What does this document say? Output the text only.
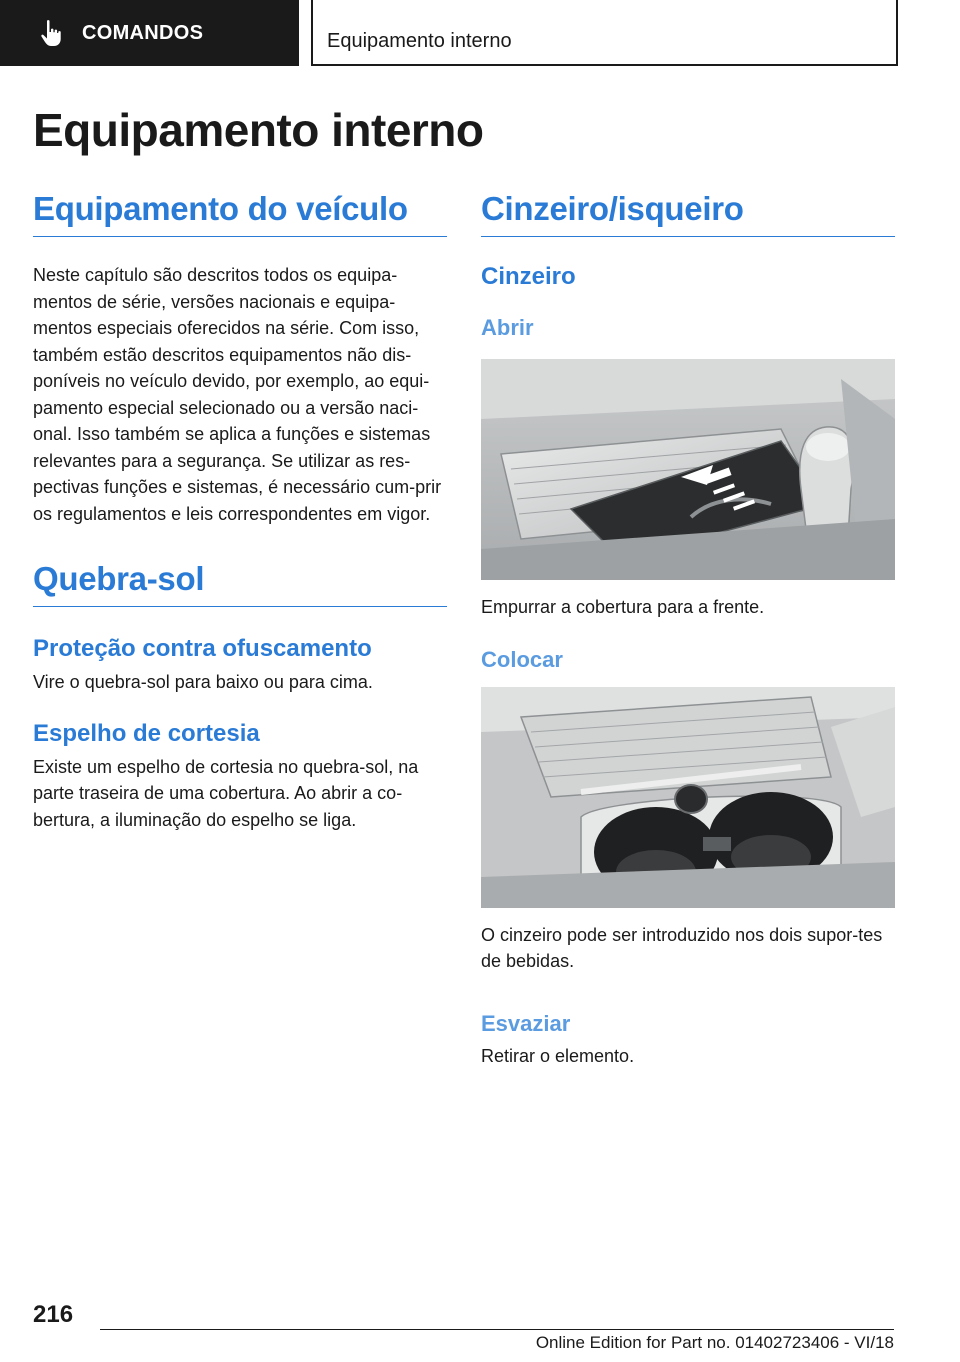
COMANDOS	Equipamento interno
Equipamento interno
Equipamento do veículo

Neste capítulo são descritos todos os equipa-mentos de série, versões nacionais e equipa-mentos especiais oferecidos na série. Com isso, também estão descritos equipamentos não dis-poníveis no veículo devido, por exemplo, ao equi-pamento especial selecionado ou a versão naci-onal. Isso também se aplica a funções e sistemas relevantes para a segurança. Se utilizar as res-pectivas funções e sistemas, é necessário cum-prir os regulamentos e leis correspondentes em vigor.

Quebra-sol
Proteção contra ofuscamento

Vire o quebra-sol para baixo ou para cima.

Espelho de cortesia

Existe um espelho de cortesia no quebra-sol, na parte traseira de uma cobertura. Ao abrir a co-bertura, a iluminação do espelho se liga.

Cinzeiro/isqueiro
Cinzeiro
Abrir

Empurrar a cobertura para a frente.

Colocar

O cinzeiro pode ser introduzido nos dois supor-tes de bebidas.

Esvaziar

Retirar o elemento.

216
Online Edition for Part no. 01402723406 - VI/18
